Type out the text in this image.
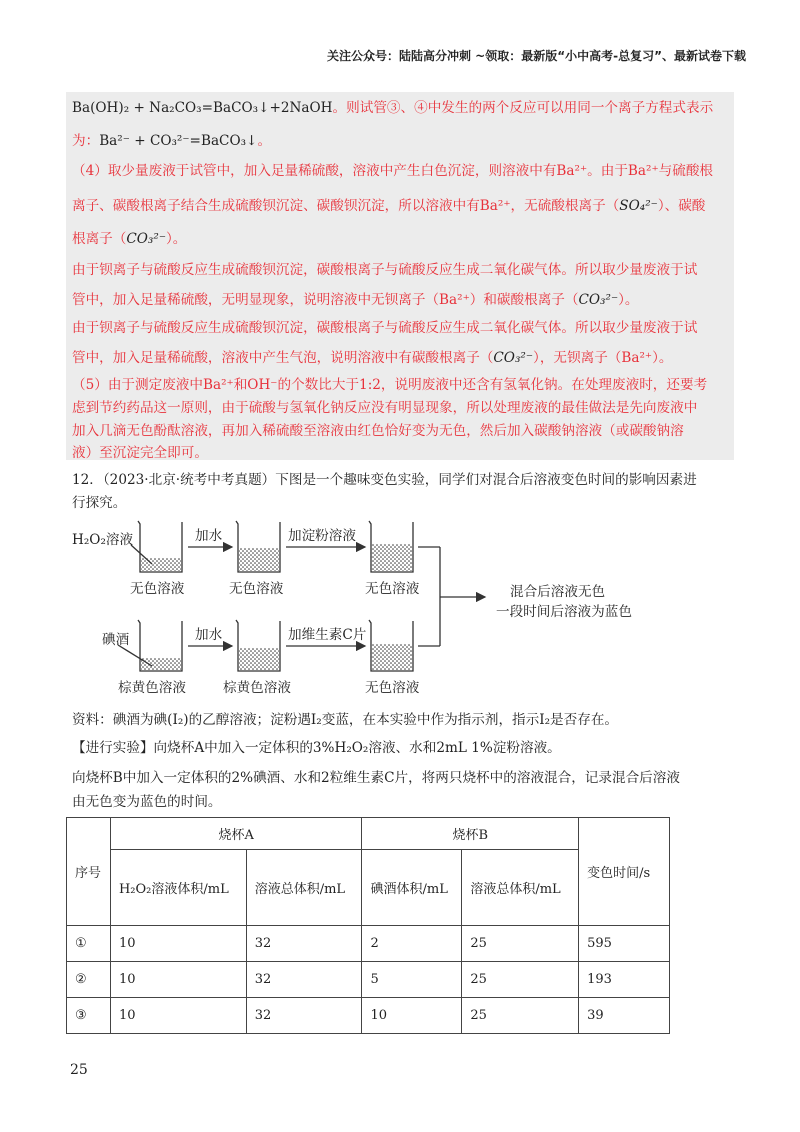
关注公众号：陆陆高分冲刺 ~领取：最新版“小中高考-总复习”、最新试卷下载
Ba(OH)₂ + Na₂CO₃=BaCO₃↓+2NaOH。则试管③、④中发生的两个反应可以用同一个离子方程式表示
为：Ba²⁻ + CO₃²⁻=BaCO₃↓。
（4）取少量废液于试管中，加入足量稀硫酸，溶液中产生白色沉淀，则溶液中有Ba²⁺。由于Ba²⁺与硫酸根
离子、碳酸根离子结合生成硫酸钡沉淀、碳酸钡沉淀，所以溶液中有Ba²⁺，无硫酸根离子（SO₄²⁻）、碳酸
根离子（CO₃²⁻）。
由于钡离子与硫酸反应生成硫酸钡沉淀，碳酸根离子与硫酸反应生成二氧化碳气体。所以取少量废液于试
管中，加入足量稀硫酸，无明显现象，说明溶液中无钡离子（Ba²⁺）和碳酸根离子（CO₃²⁻）。
由于钡离子与硫酸反应生成硫酸钡沉淀，碳酸根离子与硫酸反应生成二氧化碳气体。所以取少量废液于试
管中，加入足量稀硫酸，溶液中产生气泡，说明溶液中有碳酸根离子（CO₃²⁻），无钡离子（Ba²⁺）。
（5）由于测定废液中Ba²⁺和OH⁻的个数比大于1:2，说明废液中还含有氢氧化钠。在处理废液时，还要考
虑到节约药品这一原则，由于硫酸与氢氧化钠反应没有明显现象，所以处理废液的最佳做法是先向废液中
加入几滴无色酚酞溶液，再加入稀硫酸至溶液由红色恰好变为无色，然后加入碳酸钠溶液（或碳酸钠溶
液）至沉淀完全即可。
12．（2023·北京·统考中考真题）下图是一个趣味变色实验，同学们对混合后溶液变色时间的影响因素进
行探究。
H₂O₂溶液	加水	加淀粉溶液
无色溶液	无色溶液	无色溶液
碘酒	加水	加维生素C片
棕黄色溶液	棕黄色溶液	无色溶液
混合后溶液无色
一段时间后溶液为蓝色
资料：碘酒为碘(I₂)的乙醇溶液；淀粉遇I₂变蓝，在本实验中作为指示剂，指示I₂是否存在。
【进行实验】向烧杯A中加入一定体积的3%H₂O₂溶液、水和2mL 1%淀粉溶液。
向烧杯B中加入一定体积的2%碘酒、水和2粒维生素C片，将两只烧杯中的溶液混合，记录混合后溶液
由无色变为蓝色的时间。
序号	烧杯A		烧杯B		变色时间/s
	H₂O₂溶液体积/mL	溶液总体积/mL	碘酒体积/mL	溶液总体积/mL	
①	10	32	2	25	595
②	10	32	5	25	193
③	10	32	10	25	39
25
